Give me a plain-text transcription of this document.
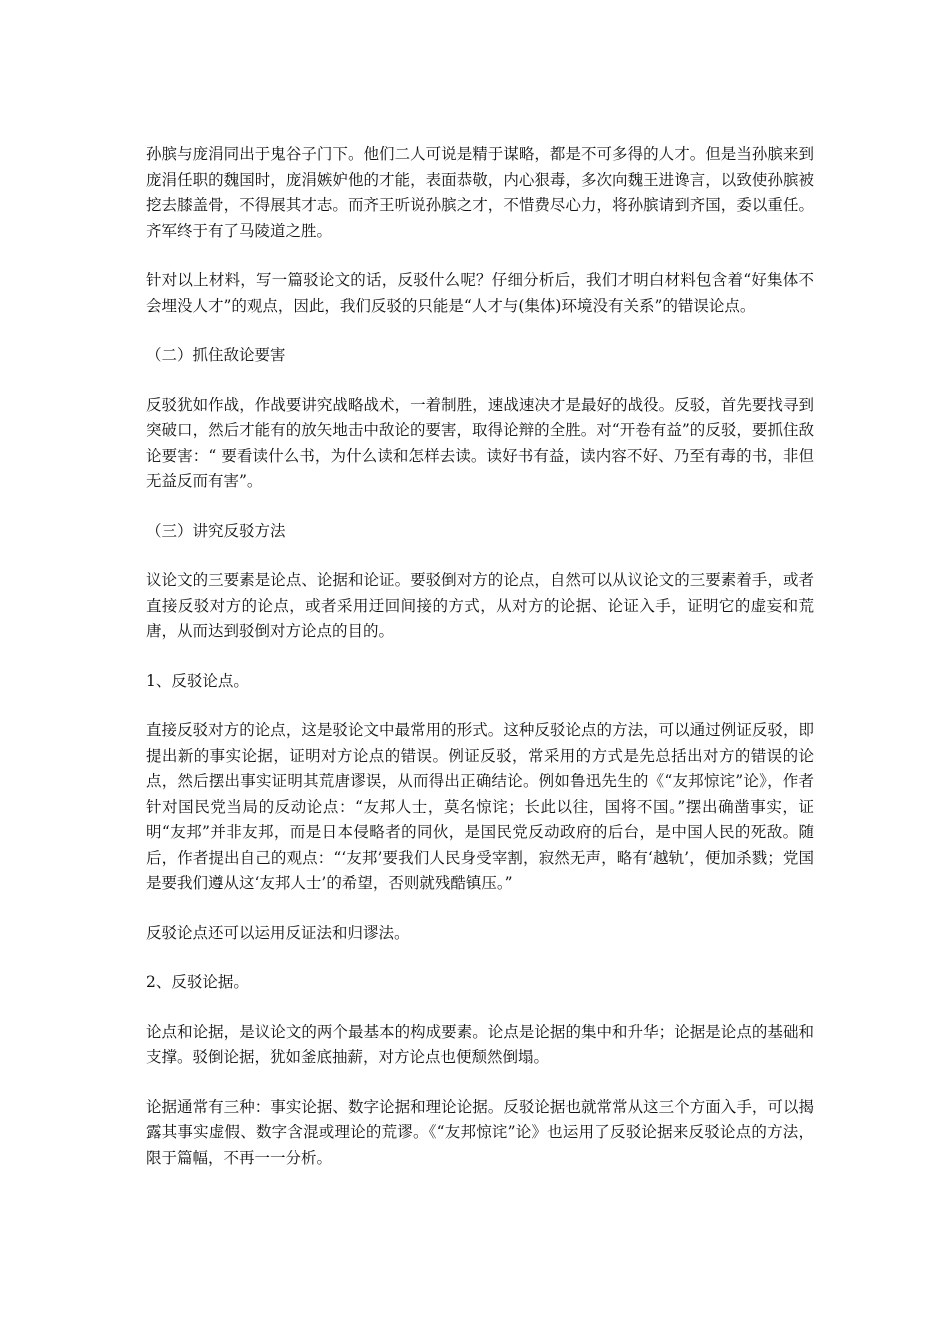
孙膑与庞涓同出于鬼谷子门下。他们二人可说是精于谋略，都是不可多得的人才。但是当孙膑来到庞涓任职的魏国时，庞涓嫉妒他的才能，表面恭敬，内心狠毒，多次向魏王进谗言，以致使孙膑被挖去膝盖骨，不得展其才志。而齐王听说孙膑之才，不惜费尽心力，将孙膑请到齐国，委以重任。齐军终于有了马陵道之胜。

针对以上材料，写一篇驳论文的话，反驳什么呢？仔细分析后，我们才明白材料包含着“好集体不会埋没人才”的观点，因此，我们反驳的只能是“人才与(集体)环境没有关系”的错误论点。

（二）抓住敌论要害

反驳犹如作战，作战要讲究战略战术，一着制胜，速战速决才是最好的战役。反驳，首先要找寻到突破口，然后才能有的放矢地击中敌论的要害，取得论辩的全胜。对“开卷有益”的反驳，要抓住敌论要害：“ 要看读什么书，为什么读和怎样去读。读好书有益，读内容不好、乃至有毒的书，非但无益反而有害”。

（三）讲究反驳方法

议论文的三要素是论点、论据和论证。要驳倒对方的论点，自然可以从议论文的三要素着手，或者直接反驳对方的论点，或者采用迂回间接的方式，从对方的论据、论证入手，证明它的虚妄和荒唐，从而达到驳倒对方论点的目的。

1、反驳论点。

直接反驳对方的论点，这是驳论文中最常用的形式。这种反驳论点的方法，可以通过例证反驳，即提出新的事实论据，证明对方论点的错误。例证反驳，常采用的方式是先总括出对方的错误的论点，然后摆出事实证明其荒唐谬误，从而得出正确结论。例如鲁迅先生的《“友邦惊诧”论》，作者针对国民党当局的反动论点：“友邦人士，莫名惊诧；长此以往，国将不国。”摆出确凿事实，证明“友邦”并非友邦，而是日本侵略者的同伙，是国民党反动政府的后台，是中国人民的死敌。随后，作者提出自己的观点：“‘友邦’要我们人民身受宰割，寂然无声，略有‘越轨’，便加杀戮；党国是要我们遵从这‘友邦人士’的希望，否则就残酷镇压。”

反驳论点还可以运用反证法和归谬法。

2、反驳论据。

论点和论据，是议论文的两个最基本的构成要素。论点是论据的集中和升华；论据是论点的基础和支撑。驳倒论据，犹如釜底抽薪，对方论点也便颓然倒塌。

论据通常有三种：事实论据、数字论据和理论论据。反驳论据也就常常从这三个方面入手，可以揭露其事实虚假、数字含混或理论的荒谬。《“友邦惊诧”论》也运用了反驳论据来反驳论点的方法，限于篇幅，不再一一分析。
